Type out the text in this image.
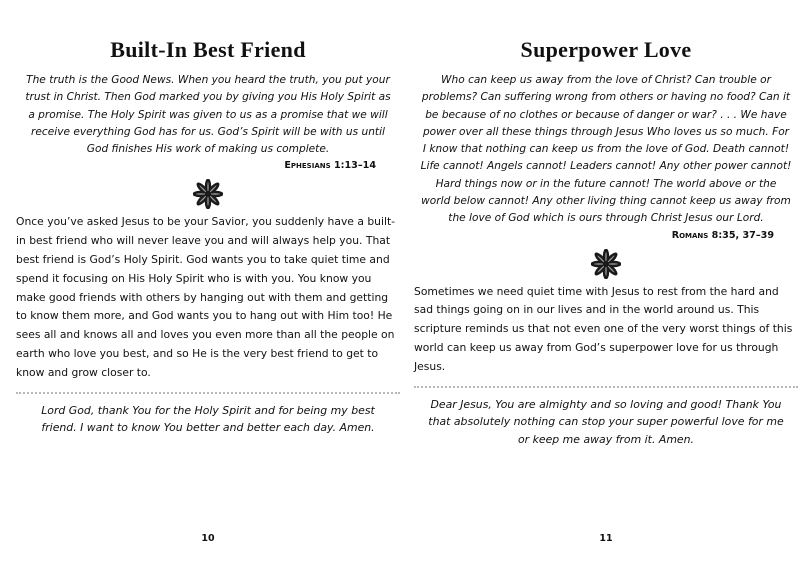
Built-In Best Friend

The truth is the Good News. When you heard the truth, you put your trust in Christ. Then God marked you by giving you His Holy Spirit as a promise. The Holy Spirit was given to us as a promise that we will receive everything God has for us. God’s Spirit will be with us until God finishes His work of making us complete.

Ephesians 1:13–14

Once you’ve asked Jesus to be your Savior, you suddenly have a built-in best friend who will never leave you and will always help you. That best friend is God’s Holy Spirit. God wants you to take quiet time and spend it focusing on His Holy Spirit who is with you. You know you make good friends with others by hanging out with them and getting to know them more, and God wants you to hang out with Him too! He sees all and knows all and loves you even more than all the people on earth who love you best, and so He is the very best friend to get to know and grow closer to.

Lord God, thank You for the Holy Spirit and for being my best friend. I want to know You better and better each day. Amen.

10
Superpower Love

Who can keep us away from the love of Christ? Can trouble or problems? Can suffering wrong from others or having no food? Can it be because of no clothes or because of danger or war? . . . We have power over all these things through Jesus Who loves us so much. For I know that nothing can keep us from the love of God. Death cannot! Life cannot! Angels cannot! Leaders cannot! Any other power cannot! Hard things now or in the future cannot! The world above or the world below cannot! Any other living thing cannot keep us away from the love of God which is ours through Christ Jesus our Lord.

Romans 8:35, 37–39

Sometimes we need quiet time with Jesus to rest from the hard and sad things going on in our lives and in the world around us. This scripture reminds us that not even one of the very worst things of this world can keep us away from God’s superpower love for us through Jesus.

Dear Jesus, You are almighty and so loving and good! Thank You that absolutely nothing can stop your super powerful love for me or keep me away from it. Amen.

11
